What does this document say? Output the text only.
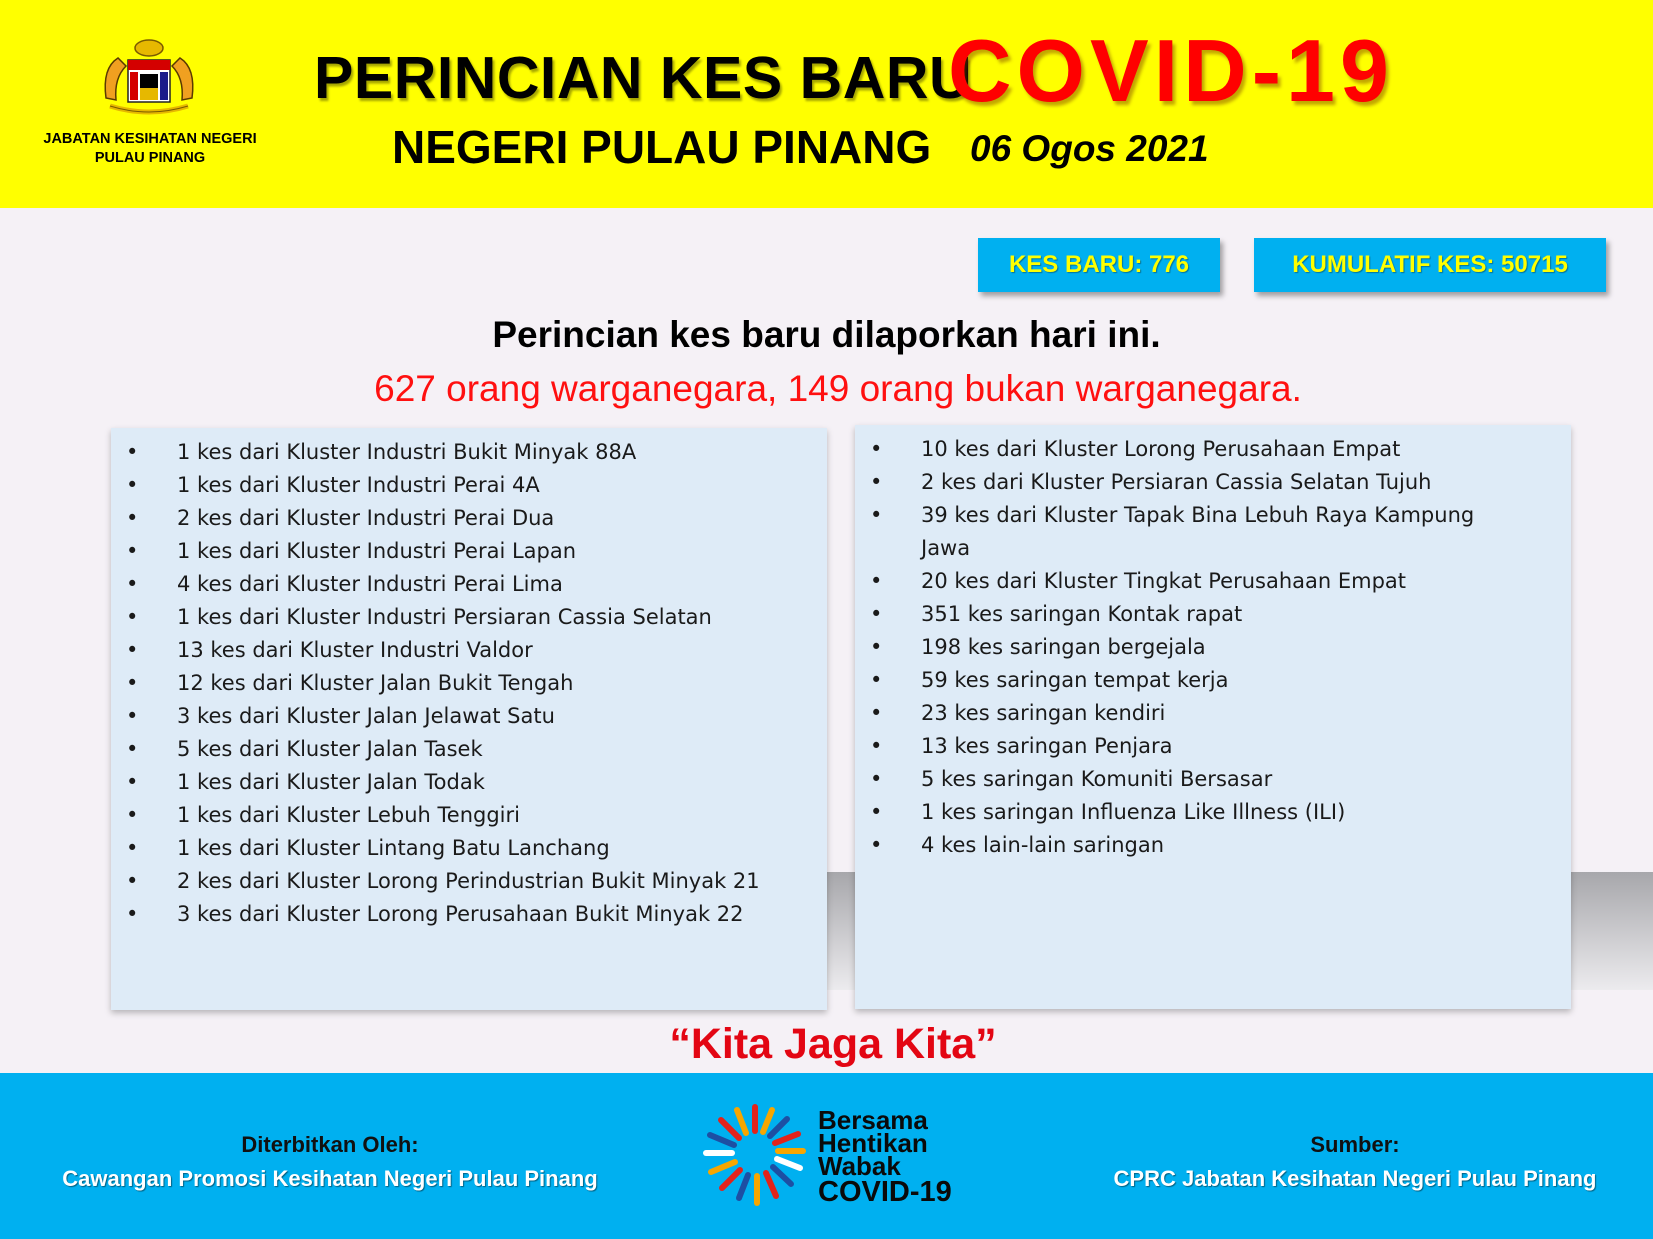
JABATAN KESIHATAN NEGERI PULAU PINANG
PERINCIAN KES BARU
COVID-19
NEGERI PULAU PINANG 06 Ogos 2021
KES BARU: 776	KUMULATIF KES: 50715
Perincian kes baru dilaporkan hari ini.
627 orang warganegara, 149 orang bukan warganegara.
• 1 kes dari Kluster Industri Bukit Minyak 88A
• 1 kes dari Kluster Industri Perai 4A
• 2 kes dari Kluster Industri Perai Dua
• 1 kes dari Kluster Industri Perai Lapan
• 4 kes dari Kluster Industri Perai Lima
• 1 kes dari Kluster Industri Persiaran Cassia Selatan
• 13 kes dari Kluster Industri Valdor
• 12 kes dari Kluster Jalan Bukit Tengah
• 3 kes dari Kluster Jalan Jelawat Satu
• 5 kes dari Kluster Jalan Tasek
• 1 kes dari Kluster Jalan Todak
• 1 kes dari Kluster Lebuh Tenggiri
• 1 kes dari Kluster Lintang Batu Lanchang
• 2 kes dari Kluster Lorong Perindustrian Bukit Minyak 21
• 3 kes dari Kluster Lorong Perusahaan Bukit Minyak 22
• 10 kes dari Kluster Lorong Perusahaan Empat
• 2 kes dari Kluster Persiaran Cassia Selatan Tujuh
• 39 kes dari Kluster Tapak Bina Lebuh Raya Kampung Jawa
• 20 kes dari Kluster Tingkat Perusahaan Empat
• 351 kes saringan Kontak rapat
• 198 kes saringan bergejala
• 59 kes saringan tempat kerja
• 23 kes saringan kendiri
• 13 kes saringan Penjara
• 5 kes saringan Komuniti Bersasar
• 1 kes saringan Influenza Like Illness (ILI)
• 4 kes lain-lain saringan
“Kita Jaga Kita”
Diterbitkan Oleh:
Cawangan Promosi Kesihatan Negeri Pulau Pinang
Bersama
Hentikan
Wabak
COVID-19
Sumber:
CPRC Jabatan Kesihatan Negeri Pulau Pinang
